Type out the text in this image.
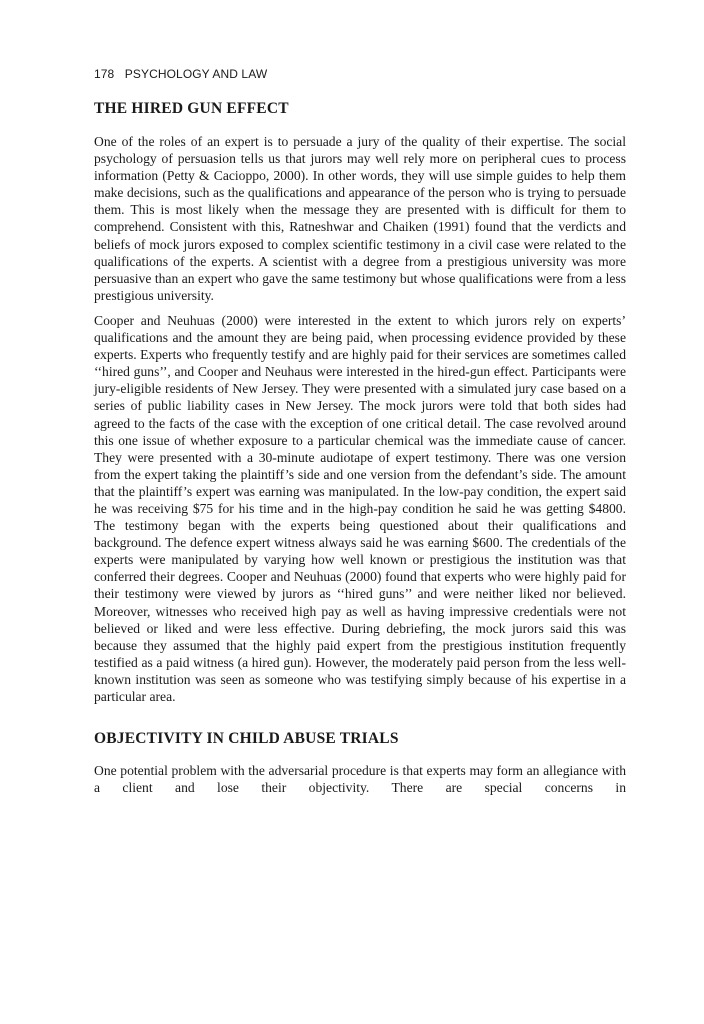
178 PSYCHOLOGY AND LAW
THE HIRED GUN EFFECT

One of the roles of an expert is to persuade a jury of the quality of their expertise. The social psychology of persuasion tells us that jurors may well rely more on peripheral cues to process information (Petty & Cacioppo, 2000). In other words, they will use simple guides to help them make decisions, such as the qualifications and appearance of the person who is trying to persuade them. This is most likely when the message they are presented with is difficult for them to comprehend. Consistent with this, Ratneshwar and Chaiken (1991) found that the verdicts and beliefs of mock jurors exposed to complex scientific testimony in a civil case were related to the qualifications of the experts. A scientist with a degree from a prestigious university was more persuasive than an expert who gave the same testimony but whose qualifications were from a less prestigious university.

Cooper and Neuhuas (2000) were interested in the extent to which jurors rely on experts’ qualifications and the amount they are being paid, when processing evidence provided by these experts. Experts who frequently testify and are highly paid for their services are sometimes called ‘‘hired guns’’, and Cooper and Neuhaus were interested in the hired-gun effect. Participants were jury-eligible residents of New Jersey. They were presented with a simulated jury case based on a series of public liability cases in New Jersey. The mock jurors were told that both sides had agreed to the facts of the case with the exception of one critical detail. The case revolved around this one issue of whether exposure to a particular chemical was the immediate cause of cancer. They were presented with a 30-minute audiotape of expert testimony. There was one version from the expert taking the plaintiff’s side and one version from the defendant’s side. The amount that the plaintiff’s expert was earning was manipulated. In the low-pay condition, the expert said he was receiving $75 for his time and in the high-pay condition he said he was getting $4800. The testimony began with the experts being questioned about their qualifications and background. The defence expert witness always said he was earning $600. The credentials of the experts were manipulated by varying how well known or prestigious the institution was that conferred their degrees. Cooper and Neuhuas (2000) found that experts who were highly paid for their testimony were viewed by jurors as ‘‘hired guns’’ and were neither liked nor believed. Moreover, witnesses who received high pay as well as having impressive credentials were not believed or liked and were less effective. During debriefing, the mock jurors said this was because they assumed that the highly paid expert from the prestigious institution frequently testified as a paid witness (a hired gun). However, the moderately paid person from the less well-known institution was seen as someone who was testifying simply because of his expertise in a particular area.

OBJECTIVITY IN CHILD ABUSE TRIALS

One potential problem with the adversarial procedure is that experts may form an allegiance with a client and lose their objectivity. There are special concerns in
